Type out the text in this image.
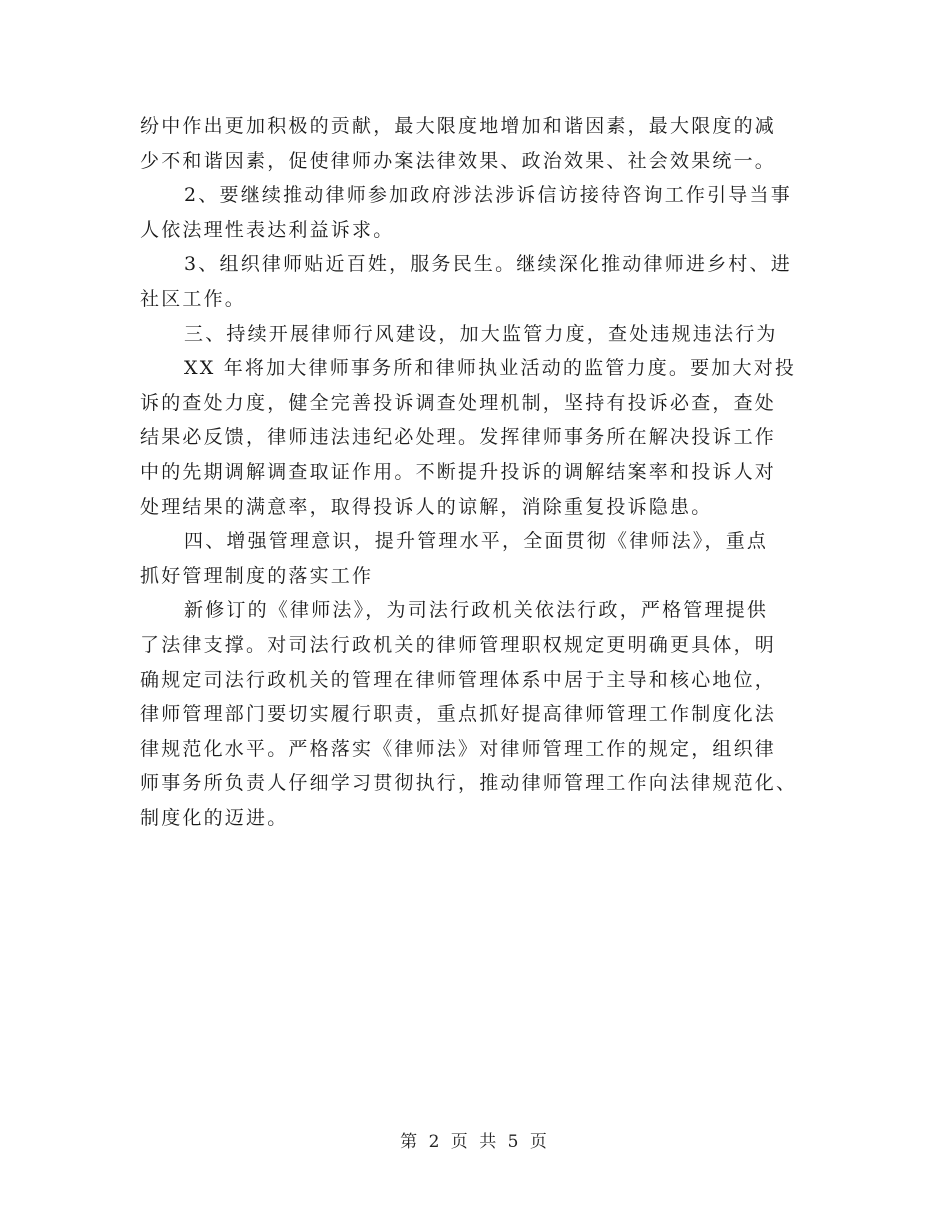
纷中作出更加积极的贡献，最大限度地增加和谐因素，最大限度的减
少不和谐因素，促使律师办案法律效果、政治效果、社会效果统一。
2、要继续推动律师参加政府涉法涉诉信访接待咨询工作引导当事
人依法理性表达利益诉求。
3、组织律师贴近百姓，服务民生。继续深化推动律师进乡村、进
社区工作。
三、持续开展律师行风建设，加大监管力度，查处违规违法行为
XX 年将加大律师事务所和律师执业活动的监管力度。要加大对投
诉的查处力度，健全完善投诉调查处理机制，坚持有投诉必查，查处
结果必反馈，律师违法违纪必处理。发挥律师事务所在解决投诉工作
中的先期调解调查取证作用。不断提升投诉的调解结案率和投诉人对
处理结果的满意率，取得投诉人的谅解，消除重复投诉隐患。
四、增强管理意识，提升管理水平，全面贯彻《律师法》，重点
抓好管理制度的落实工作
新修订的《律师法》，为司法行政机关依法行政，严格管理提供
了法律支撑。对司法行政机关的律师管理职权规定更明确更具体，明
确规定司法行政机关的管理在律师管理体系中居于主导和核心地位，
律师管理部门要切实履行职责，重点抓好提高律师管理工作制度化法
律规范化水平。严格落实《律师法》对律师管理工作的规定，组织律
师事务所负责人仔细学习贯彻执行，推动律师管理工作向法律规范化、
制度化的迈进。
第 2 页 共 5 页
